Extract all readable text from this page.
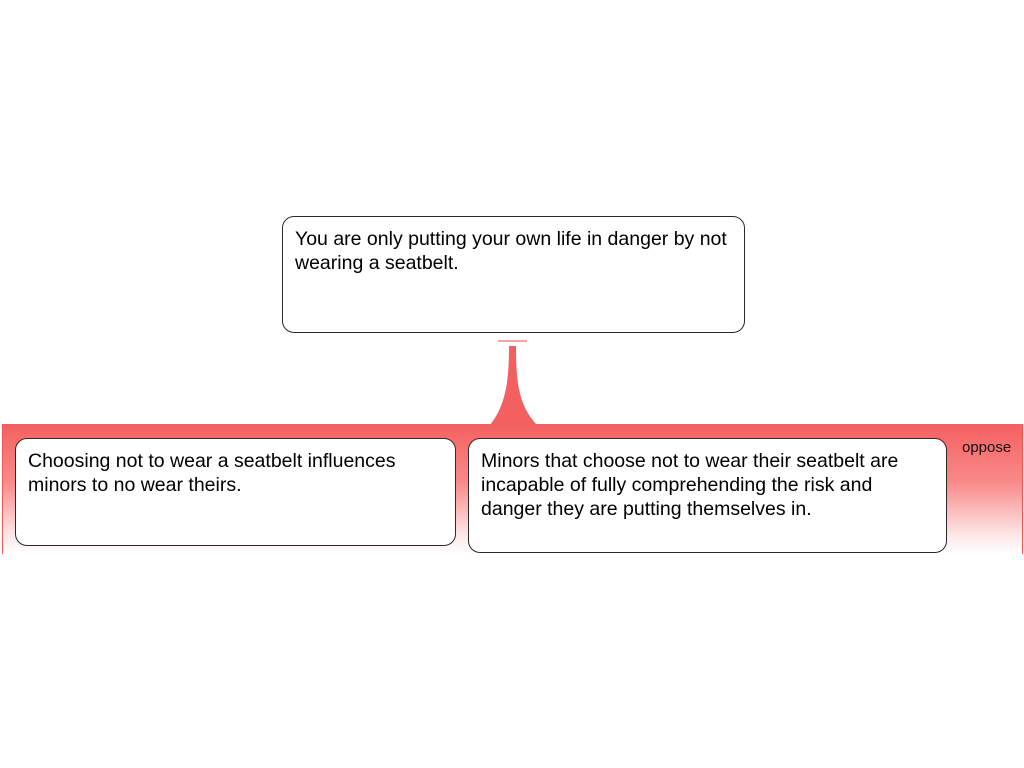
You are only putting your own life in danger by not wearing a seatbelt.
oppose
Choosing not to wear a seatbelt influences minors to no wear theirs.
Minors that choose not to wear their seatbelt are incapable of fully comprehending the risk and danger they are putting themselves in.
